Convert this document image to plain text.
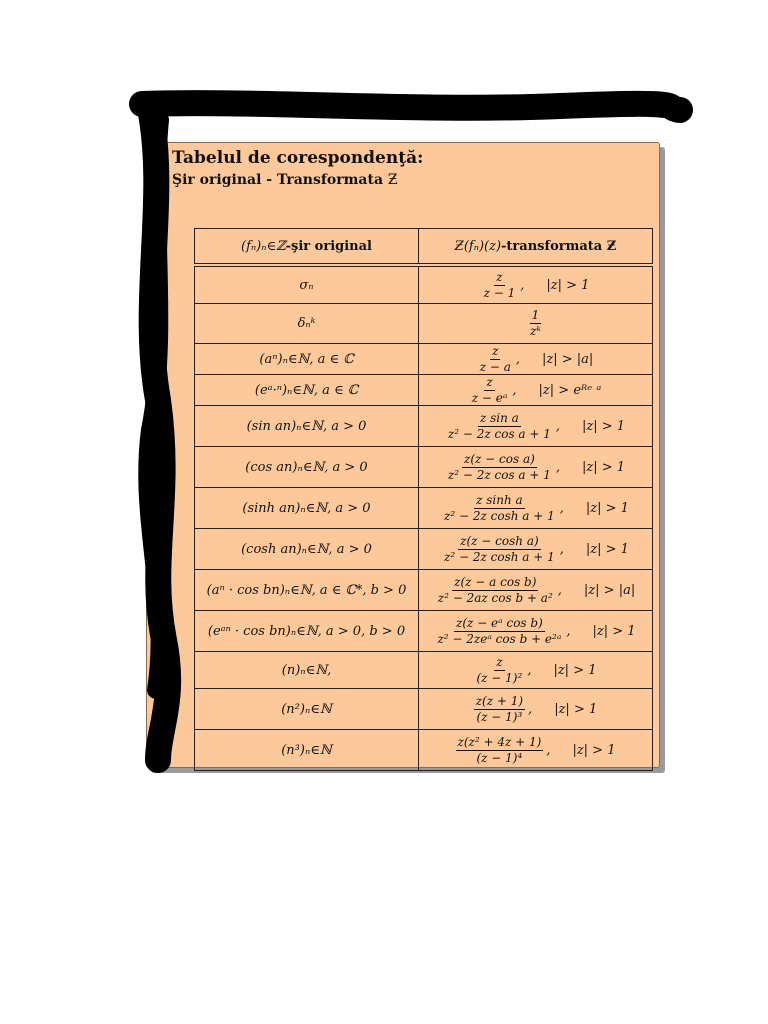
Tabelul de corespondenţă:
Şir original - Transformata Ƶ
(fₙ)ₙ∈ℤ-şir original	Ƶ(fₙ)(z)-transformata Ƶ

σₙ	$\frac{z}{z - 1}$ , |z| > 1
δₙᵏ	$\frac{1}{\text{zᵏ}}$

(aⁿ)ₙ∈ℕ, a ∈ ℂ	$\frac{z}{z - a}$ , |z| > |a|
(eᵃ·ⁿ)ₙ∈ℕ, a ∈ ℂ	$\frac{z}{\text{z − eᵃ}}$ , |z| > eᴿᵉ ᵃ
(sin an)ₙ∈ℕ, a > 0	$\frac{\text{z sin a}}{\text{z² − 2z cos a + 1}}$ , |z| > 1
(cos an)ₙ∈ℕ, a > 0	$\frac{\text{z(z − cos a)}}{\text{z² − 2z cos a + 1}}$ , |z| > 1
(sinh an)ₙ∈ℕ, a > 0	$\frac{\text{z sinh a}}{\text{z² − 2z cosh a + 1}}$ , |z| > 1
(cosh an)ₙ∈ℕ, a > 0	$\frac{\text{z(z − cosh a)}}{\text{z² − 2z cosh a + 1}}$ , |z| > 1
(aⁿ · cos bn)ₙ∈ℕ, a ∈ ℂ*, b > 0	$\frac{\text{z(z − a cos b)}}{\text{z² − 2az cos b + a²}}$ , |z| > |a|
(eᵃⁿ · cos bn)ₙ∈ℕ, a > 0, b > 0	$\frac{\text{z(z − eᵃ cos b)}}{\text{z² − 2zeᵃ cos b + e²ᵃ}}$ , |z| > 1
(n)ₙ∈ℕ,	$\frac{z}{\text{(z − 1)²}}$ , |z| > 1
(n²)ₙ∈ℕ	$\frac{z(z + 1)}{\text{(z − 1)³}}$ , |z| > 1
(n³)ₙ∈ℕ	$\frac{\text{z(z² + 4z + 1)}}{\text{(z − 1)⁴}}$ , |z| > 1
